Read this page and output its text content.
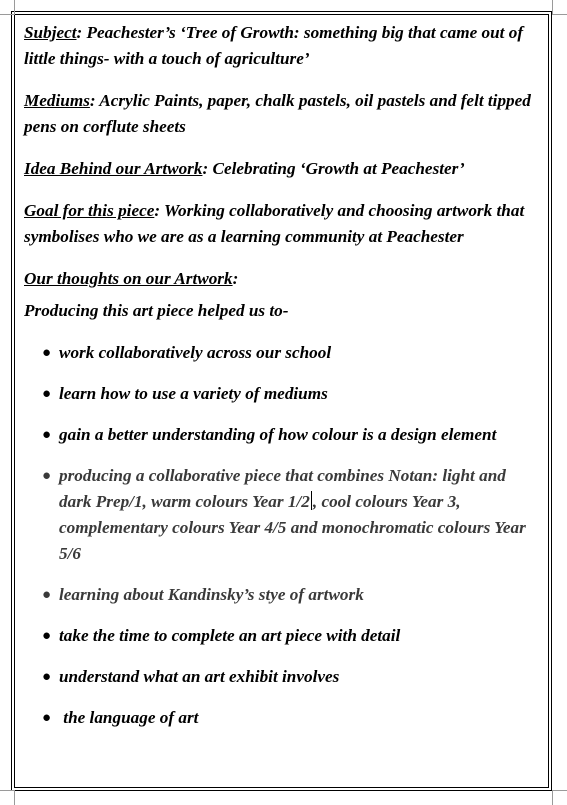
Subject: Peachester’s ‘Tree of Growth: something big that came out of little things- with a touch of agriculture’

Mediums: Acrylic Paints, paper, chalk pastels, oil pastels and felt tipped pens on corflute sheets

Idea Behind our Artwork: Celebrating ‘Growth at Peachester’

Goal for this piece: Working collaboratively and choosing artwork that symbolises who we are as a learning community at Peachester

Our thoughts on our Artwork:

Producing this art piece helped us to-

● work collaboratively across our school
● learn how to use a variety of mediums
● gain a better understanding of how colour is a design element
● producing a collaborative piece that combines Notan: light and dark Prep/1, warm colours Year 1/2 , cool colours Year 3, complementary colours Year 4/5 and monochromatic colours Year 5/6
● learning about Kandinsky’s stye of artwork
● take the time to complete an art piece with detail
● understand what an art exhibit involves
● the language of art
